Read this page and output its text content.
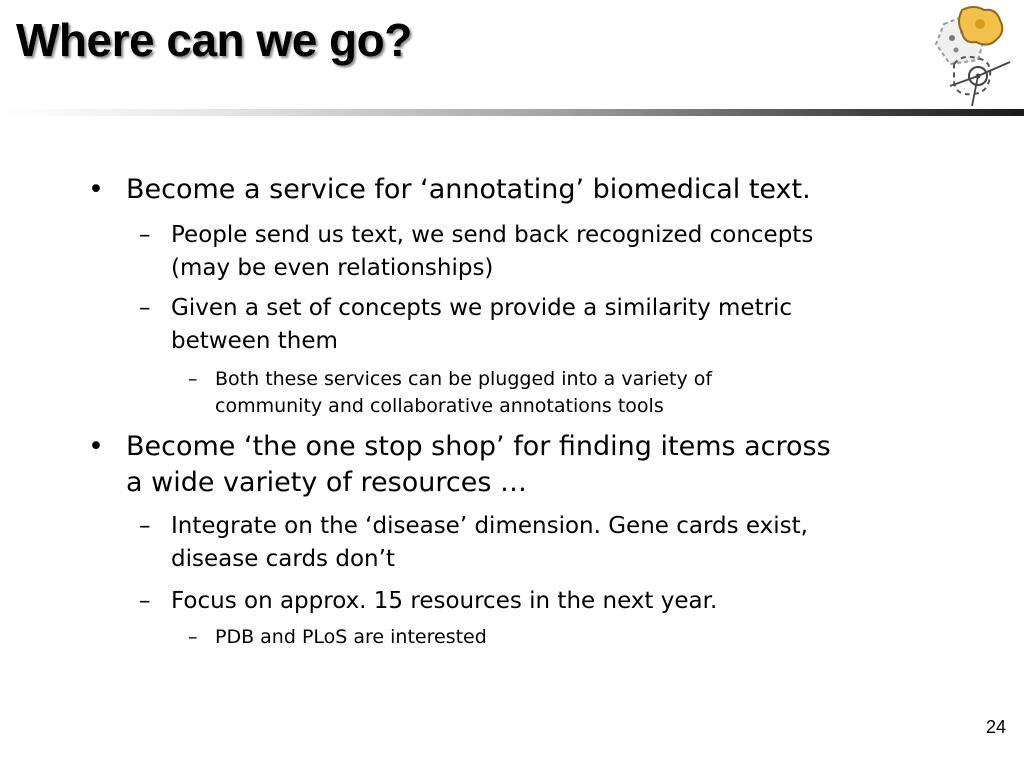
Where can we go?
• Become a service for ‘annotating’ biomedical text.
– People send us text, we send back recognized concepts
(may be even relationships)
– Given a set of concepts we provide a similarity metric
between them
– Both these services can be plugged into a variety of
community and collaborative annotations tools
• Become ‘the one stop shop’ for finding items across
a wide variety of resources …
– Integrate on the ‘disease’ dimension. Gene cards exist,
disease cards don’t
– Focus on approx. 15 resources in the next year.
– PDB and PLoS are interested
24
